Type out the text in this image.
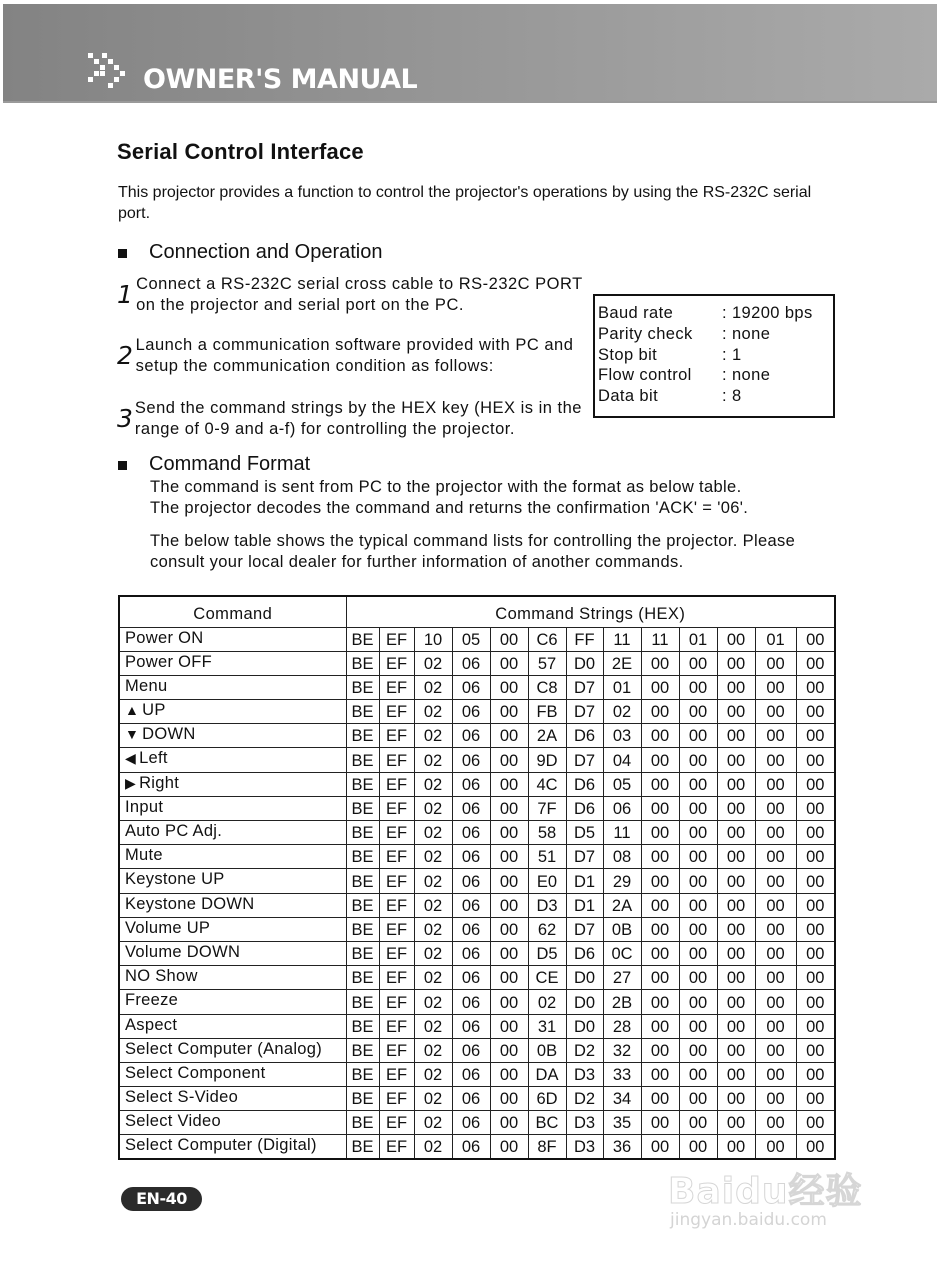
OWNER'S MANUAL
Serial Control Interface

This projector provides a function to control the projector's operations by using the RS-232C serial port.

Connection and Operation
1 Connect a RS-232C serial cross cable to RS-232C PORT on the projector and serial port on the PC.
2 Launch a communication software provided with PC and setup the communication condition as follows:
3 Send the command strings by the HEX key (HEX is in the range of 0-9 and a-f) for controlling the projector.
Baud rate	: 19200 bps
Parity check	: none
Stop bit	: 1
Flow control	: none
Data bit	: 8
Command Format
The command is sent from PC to the projector with the format as below table.
The projector decodes the command and returns the confirmation 'ACK' = '06'.

The below table shows the typical command lists for controlling the projector. Please consult your local dealer for further information of another commands.

Command	Command Strings (HEX)												
Power ON	BE	EF	10	05	00	C6	FF	11	11	01	00	01	00
Power OFF	BE	EF	02	06	00	57	D0	2E	00	00	00	00	00
Menu	BE	EF	02	06	00	C8	D7	01	00	00	00	00	00
▲ UP	BE	EF	02	06	00	FB	D7	02	00	00	00	00	00
▼ DOWN	BE	EF	02	06	00	2A	D6	03	00	00	00	00	00
◀ Left	BE	EF	02	06	00	9D	D7	04	00	00	00	00	00
▶ Right	BE	EF	02	06	00	4C	D6	05	00	00	00	00	00
Input	BE	EF	02	06	00	7F	D6	06	00	00	00	00	00
Auto PC Adj.	BE	EF	02	06	00	58	D5	11	00	00	00	00	00
Mute	BE	EF	02	06	00	51	D7	08	00	00	00	00	00
Keystone UP	BE	EF	02	06	00	E0	D1	29	00	00	00	00	00
Keystone DOWN	BE	EF	02	06	00	D3	D1	2A	00	00	00	00	00
Volume UP	BE	EF	02	06	00	62	D7	0B	00	00	00	00	00
Volume DOWN	BE	EF	02	06	00	D5	D6	0C	00	00	00	00	00
NO Show	BE	EF	02	06	00	CE	D0	27	00	00	00	00	00
Freeze	BE	EF	02	06	00	02	D0	2B	00	00	00	00	00
Aspect	BE	EF	02	06	00	31	D0	28	00	00	00	00	00
Select Computer (Analog)	BE	EF	02	06	00	0B	D2	32	00	00	00	00	00
Select Component	BE	EF	02	06	00	DA	D3	33	00	00	00	00	00
Select S-Video	BE	EF	02	06	00	6D	D2	34	00	00	00	00	00
Select Video	BE	EF	02	06	00	BC	D3	35	00	00	00	00	00
Select Computer (Digital)	BE	EF	02	06	00	8F	D3	36	00	00	00	00	00
EN-40	Baidu经验
jingyan.baidu.com
